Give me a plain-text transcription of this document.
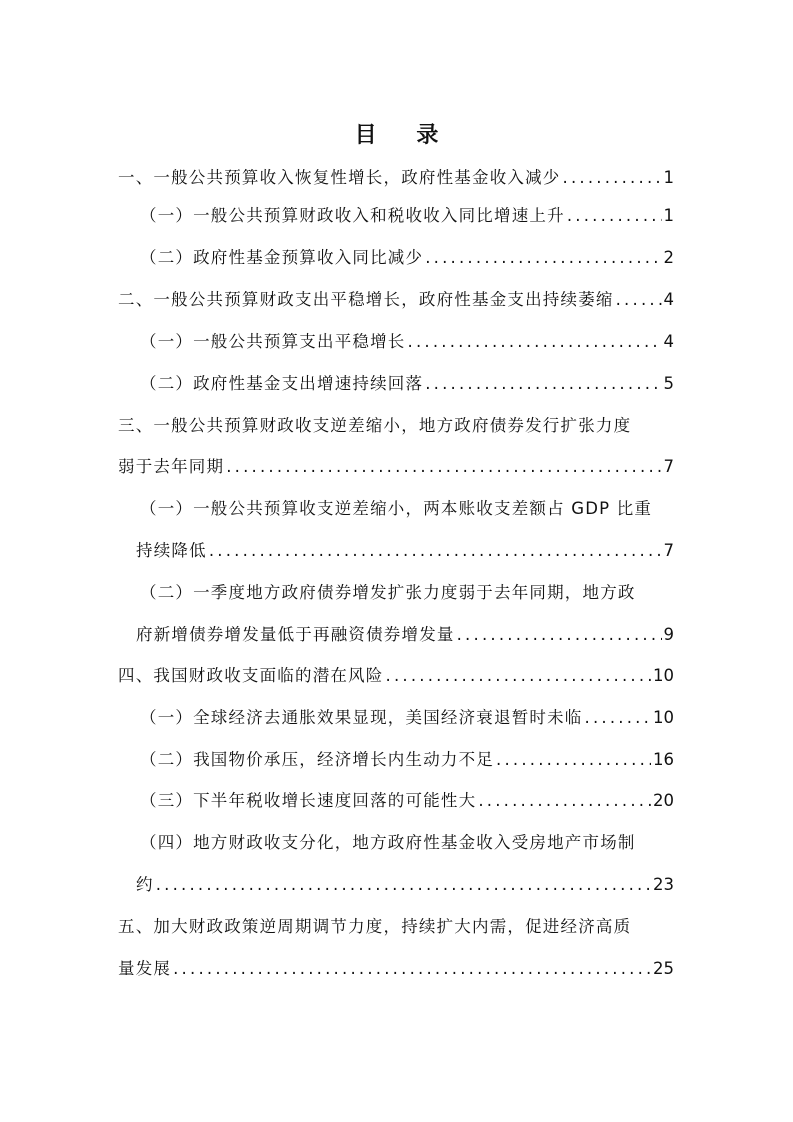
目 录
一、一般公共预算收入恢复性增长，政府性基金收入减少 .....	1
（一）一般公共预算财政收入和税收收入同比增速上升 .....	1
（二）政府性基金预算收入同比减少 .....	2
二、一般公共预算财政支出平稳增长，政府性基金支出持续萎缩 .....	4
（一）一般公共预算支出平稳增长 .....	4
（二）政府性基金支出增速持续回落 .....	5
三、一般公共预算财政收支逆差缩小，地方政府债券发行扩张力度
弱于去年同期 .....	7
（一）一般公共预算收支逆差缩小，两本账收支差额占 GDP 比重
持续降低 .....	7
（二）一季度地方政府债券增发扩张力度弱于去年同期，地方政
府新增债券增发量低于再融资债券增发量 .....	9
四、我国财政收支面临的潜在风险 .....	10
（一）全球经济去通胀效果显现，美国经济衰退暂时未临 .....	10
（二）我国物价承压，经济增长内生动力不足 .....	16
（三）下半年税收增长速度回落的可能性大 .....	20
（四）地方财政收支分化，地方政府性基金收入受房地产市场制
约 .....	23
五、加大财政政策逆周期调节力度，持续扩大内需，促进经济高质
量发展 .....	25
